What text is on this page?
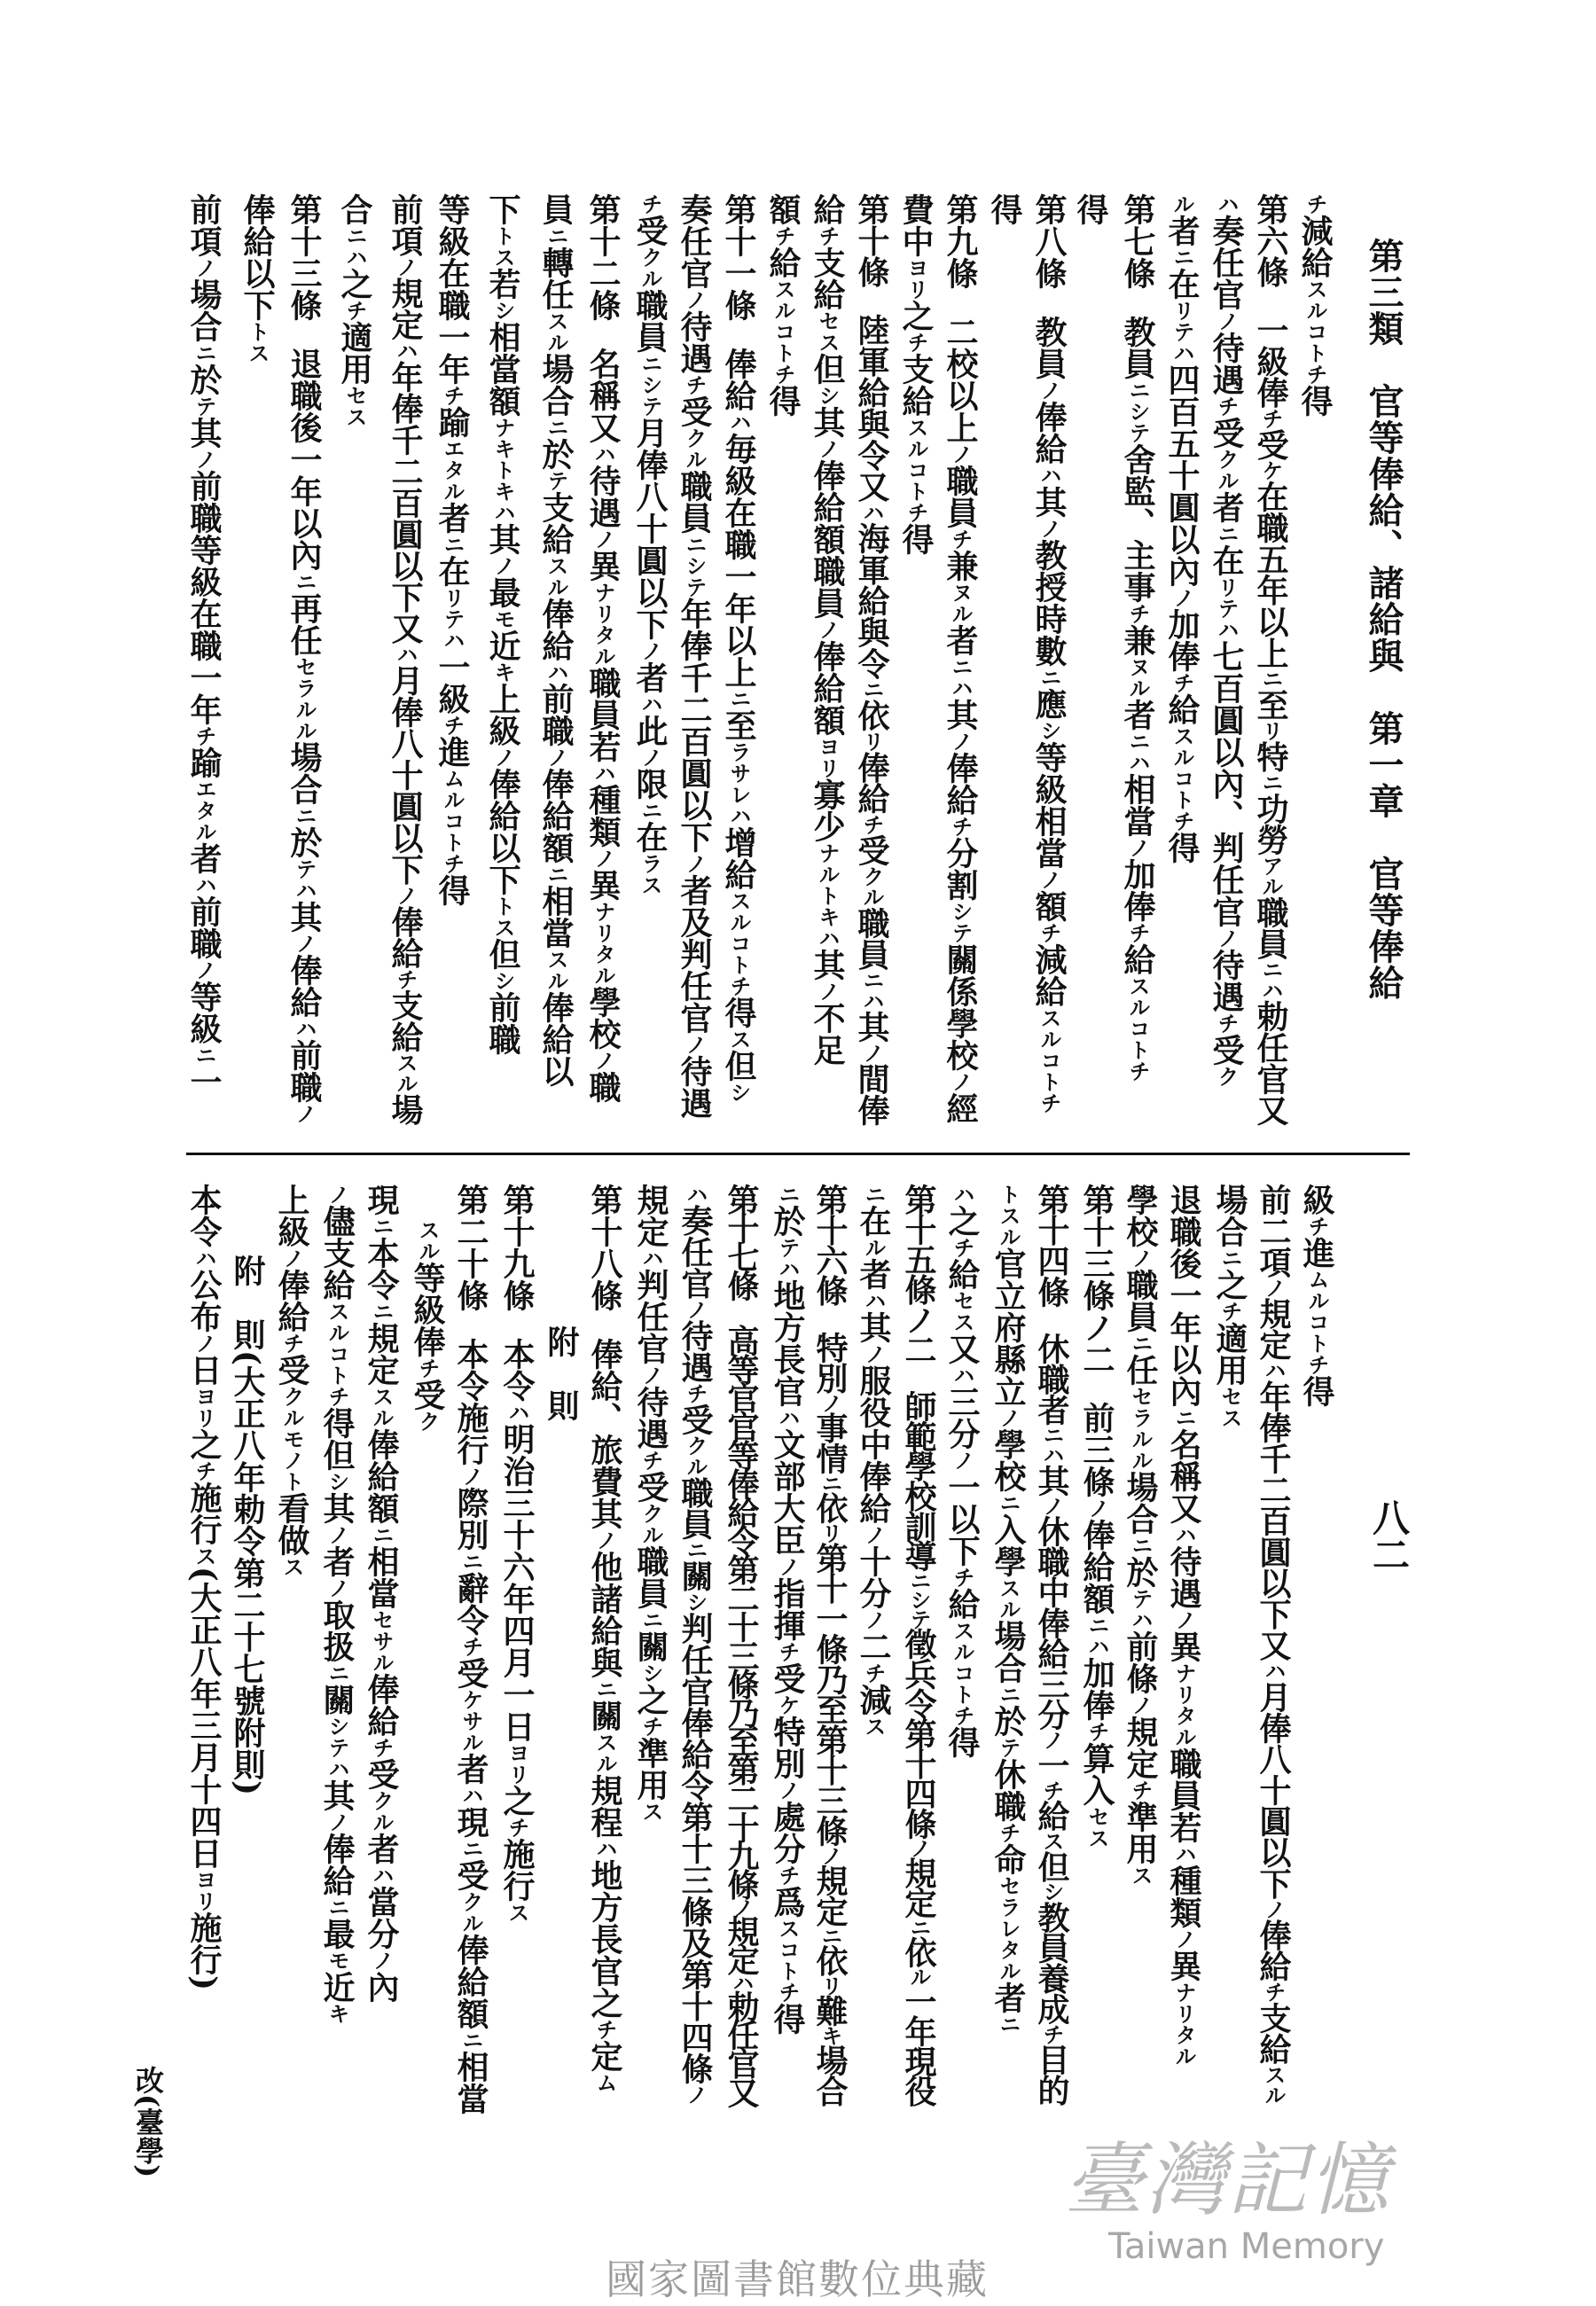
第三類　官等俸給、諸給與　第一章　官等俸給
チ減給スルコトチ得
第六條一級俸チ受ケ在職五年以上ニ至リ特ニ功勞アル職員ニハ勅任官又
ハ奏任官ノ待遇チ受クル者ニ在リテハ七百圓以內、判任官ノ待遇チ受ク
ル者ニ在リテハ四百五十圓以內ノ加俸チ給スルコトチ得
第七條教員ニシテ舍監、主事チ兼ヌル者ニハ相當ノ加俸チ給スルコトチ
得
第八條教員ノ俸給ハ其ノ教授時數ニ應シ等級相當ノ額チ減給スルコトチ
得
第九條二校以上ノ職員チ兼ヌル者ニハ其ノ俸給チ分割シテ關係學校ノ經
費中ヨリ之チ支給スルコトチ得
第十條陸軍給與令又ハ海軍給與令ニ依リ俸給チ受クル職員ニハ其ノ間俸
給チ支給セス但シ其ノ俸給額職員ノ俸給額ヨリ寡少ナルトキハ其ノ不足
額チ給スルコトチ得
第十一條俸給ハ毎級在職一年以上ニ至ラサレハ增給スルコトチ得ス但シ
奏任官ノ待遇チ受クル職員ニシテ年俸千二百圓以下ノ者及判任官ノ待遇
チ受クル職員ニシテ月俸八十圓以下ノ者ハ此ノ限ニ在ラス
第十二條名稱又ハ待遇ノ異ナリタル職員若ハ種類ノ異ナリタル學校ノ職
員ニ轉任スル場合ニ於テ支給スル俸給ハ前職ノ俸給額ニ相當スル俸給以
下トス若シ相當額ナキトキハ其ノ最モ近キ上級ノ俸給以下トス但シ前職
等級在職一年チ踰エタル者ニ在リテハ一級チ進ムルコトチ得
前項ノ規定ハ年俸千二百圓以下又ハ月俸八十圓以下ノ俸給チ支給スル場
合ニハ之チ適用セス
第十三條退職後一年以內ニ再任セラルル場合ニ於テハ其ノ俸給ハ前職ノ
俸給以下トス
前項ノ場合ニ於テ其ノ前職等級在職一年チ踰エタル者ハ前職ノ等級ニ一
八二
級チ進ムルコトチ得
前二項ノ規定ハ年俸千二百圓以下又ハ月俸八十圓以下ノ俸給チ支給スル
場合ニ之チ適用セス
退職後一年以內ニ名稱又ハ待遇ノ異ナリタル職員若ハ種類ノ異ナリタル
學校ノ職員ニ任セラルル場合ニ於テハ前條ノ規定チ準用ス
第十三條ノ二前三條ノ俸給額ニハ加俸チ算入セス
第十四條休職者ニハ其ノ休職中俸給三分ノ一チ給ス但シ教員養成チ目的
トスル官立府縣立ノ學校ニ入學スル場合ニ於テ休職チ命セラレタル者ニ
ハ之チ給セス又ハ三分ノ一以下チ給スルコトチ得
第十五條ノ二師範學校訓導ニシテ徵兵令第十四條ノ規定ニ依ル一年現役
ニ在ル者ハ其ノ服役中俸給ノ十分ノ二チ減ス
第十六條特別ノ事情ニ依リ第十一條乃至第十三條ノ規定ニ依リ難キ場合
ニ於テハ地方長官ハ文部大臣ノ指揮チ受ケ特別ノ處分チ爲スコトチ得
第十七條高等官官等俸給令第二十三條乃至第二十九條ノ規定ハ勅任官又
ハ奏任官ノ待遇チ受クル職員ニ關シ判任官俸給令第十三條及第十四條ノ
規定ハ判任官ノ待遇チ受クル職員ニ關シ之チ準用ス
第十八條俸給、旅費其ノ他諸給與ニ關スル規程ハ地方長官之チ定ム
附　則
第十九條本令ハ明治三十六年四月一日ヨリ之チ施行ス
第二十條本令施行ノ際別ニ辭令チ受ケサル者ハ現ニ受クル俸給額ニ相當
スル等級俸チ受ク
現ニ本令ニ規定スル俸給額ニ相當セサル俸給チ受クル者ハ當分ノ內
ノ儘支給スルコトチ得但シ其ノ者ノ取扱ニ關シテハ其ノ俸給ニ最モ近キ
上級ノ俸給チ受クルモノト看做ス
附　則(大正八年勅令第二十七號附則)
本令ハ公布ノ日ヨリ之チ施行ス(大正八年三月十四日ヨリ施行)
臺灣記憶
Taiwan Memory
改(臺學)
國家圖書館數位典藏
